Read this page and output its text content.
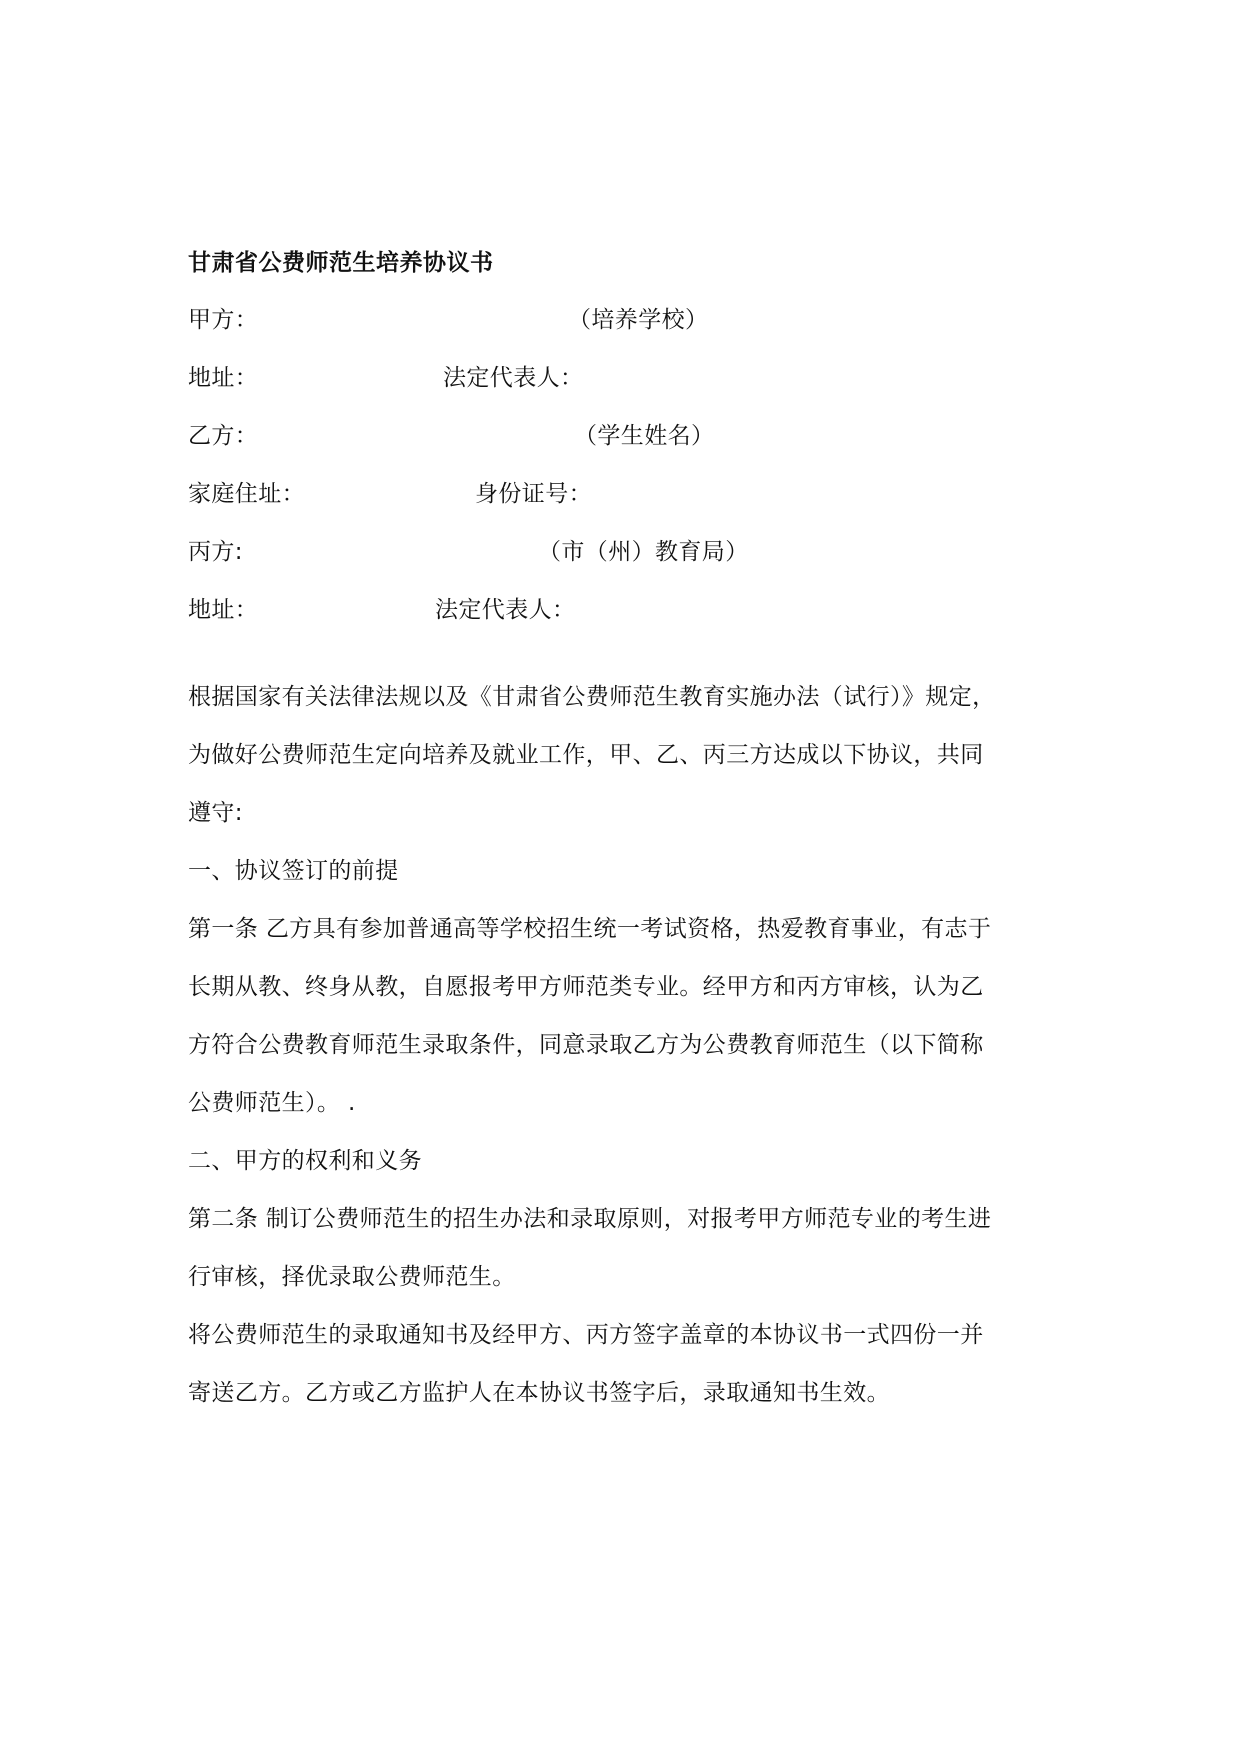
甘肃省公费师范生培养协议书
甲方：	（培养学校）
地址：	法定代表人：
乙方：	（学生姓名）
家庭住址：	身份证号：
丙方:	（市（州）教育局）
地址：	法定代表人：
根据国家有关法律法规以及《甘肃省公费师范生教育实施办法（试行）》规定，
为做好公费师范生定向培养及就业工作，甲、乙、丙三方达成以下协议，共同
遵守:
一、协议签订的前提
第一条 乙方具有参加普通高等学校招生统一考试资格，热爱教育事业，有志于
长期从教、终身从教，自愿报考甲方师范类专业。经甲方和丙方审核，认为乙
方符合公费教育师范生录取条件，同意录取乙方为公费教育师范生（以下简称
公费师范生）。 .
二、甲方的权利和义务
第二条 制订公费师范生的招生办法和录取原则，对报考甲方师范专业的考生进
行审核，择优录取公费师范生。
将公费师范生的录取通知书及经甲方、丙方签字盖章的本协议书一式四份一并
寄送乙方。乙方或乙方监护人在本协议书签字后，录取通知书生效。
